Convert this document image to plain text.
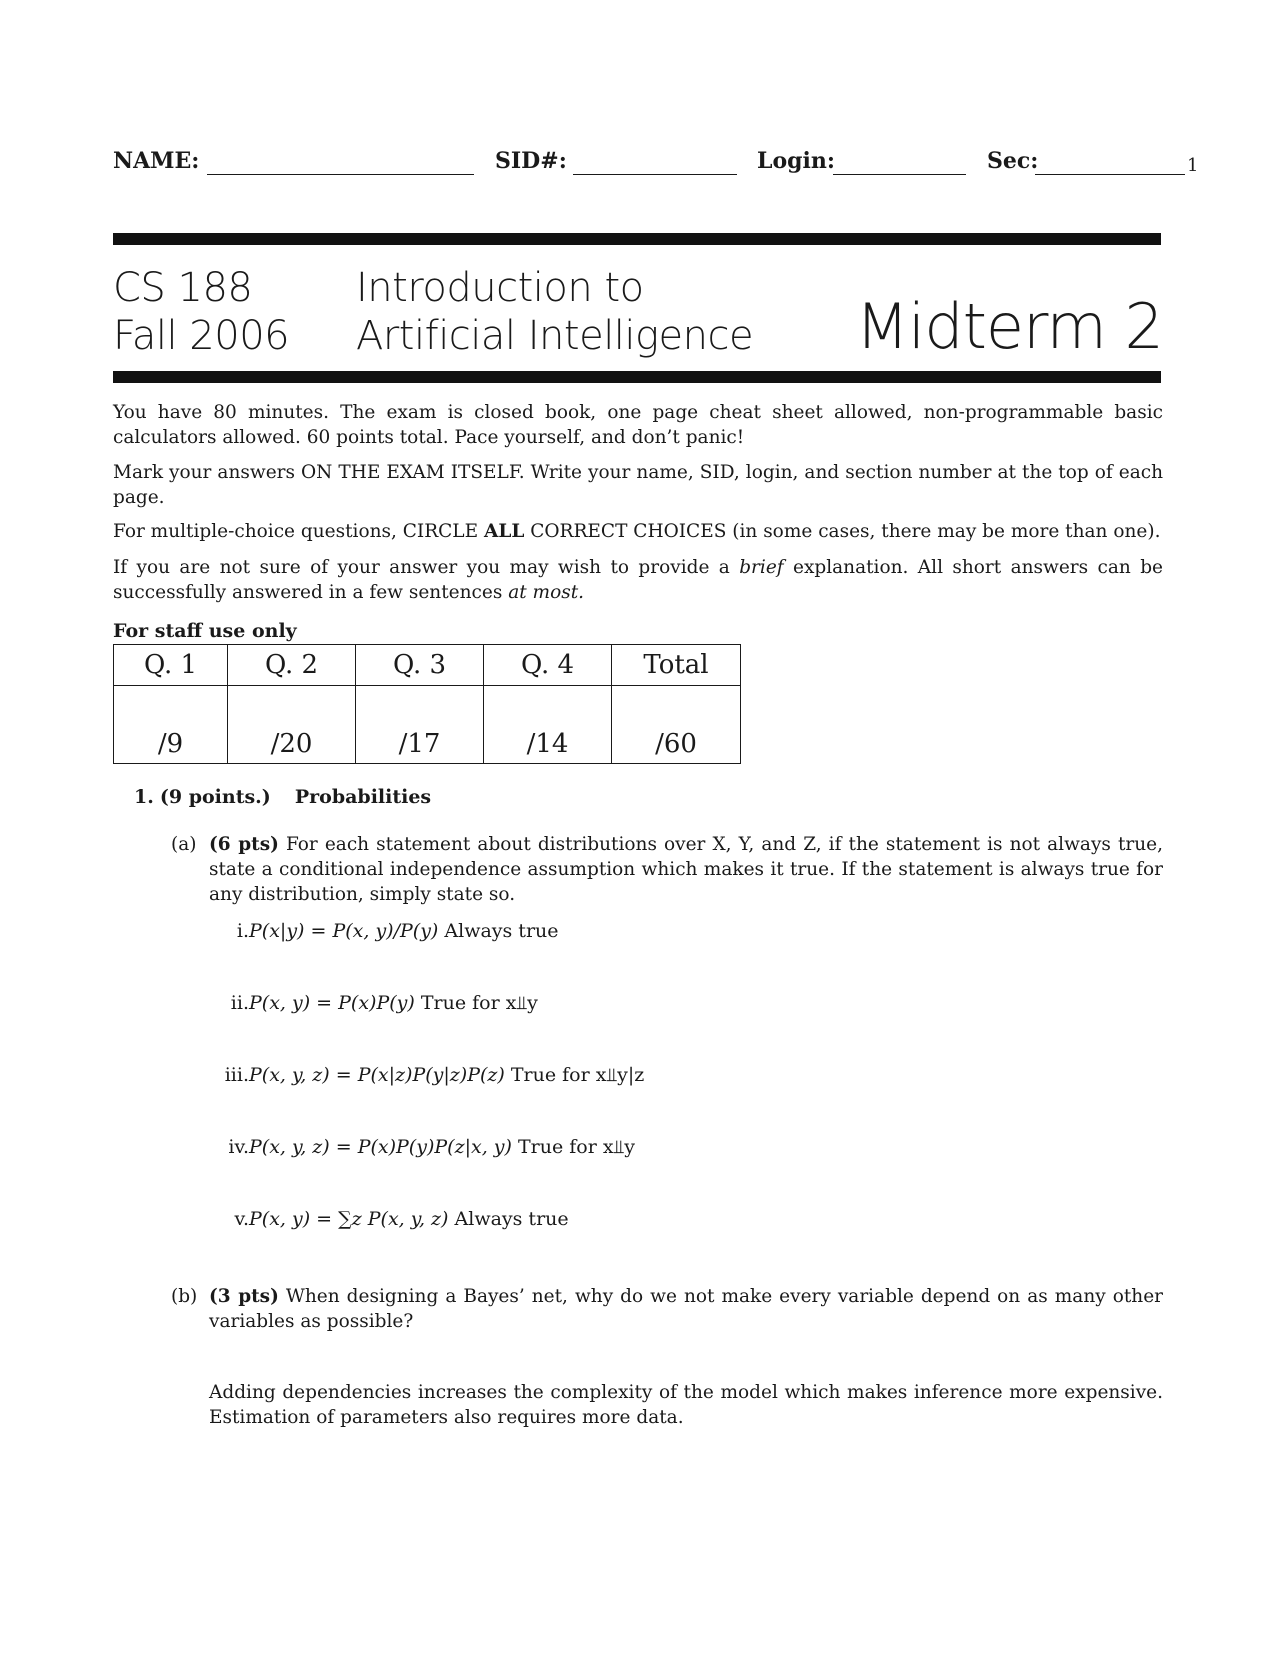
NAME:	SID#:	Login:	Sec:	1
CS 188
Fall 2006
Introduction to
Artificial Intelligence Midterm 2
You have 80 minutes. The exam is closed book, one page cheat sheet allowed, non-programmable basic calculators allowed. 60 points total. Pace yourself, and don’t panic!
Mark your answers ON THE EXAM ITSELF. Write your name, SID, login, and section number at the top of each page.
For multiple-choice questions, CIRCLE ALL CORRECT CHOICES (in some cases, there may be more than one).
If you are not sure of your answer you may wish to provide a brief explanation. All short answers can be successfully answered in a few sentences at most.
For staff use only
Q. 1	Q. 2	Q. 3	Q. 4	Total
/9	/20	/17	/14	/60
1. (9 points.) Probabilities
(a) (6 pts) For each statement about distributions over X, Y, and Z, if the statement is not always true, state a conditional independence assumption which makes it true. If the statement is always true for any distribution, simply state so.
i. P(x|y) = P(x, y)/P(y) Always true
ii. P(x, y) = P(x)P(y) True for x⫫y
iii. P(x, y, z) = P(x|z)P(y|z)P(z) True for x⫫y|z
iv. P(x, y, z) = P(x)P(y)P(z|x, y) True for x⫫y
v. P(x, y) = ∑z P(x, y, z) Always true
(b) (3 pts) When designing a Bayes’ net, why do we not make every variable depend on as many other variables as possible?
Adding dependencies increases the complexity of the model which makes inference more expensive. Estimation of parameters also requires more data.
